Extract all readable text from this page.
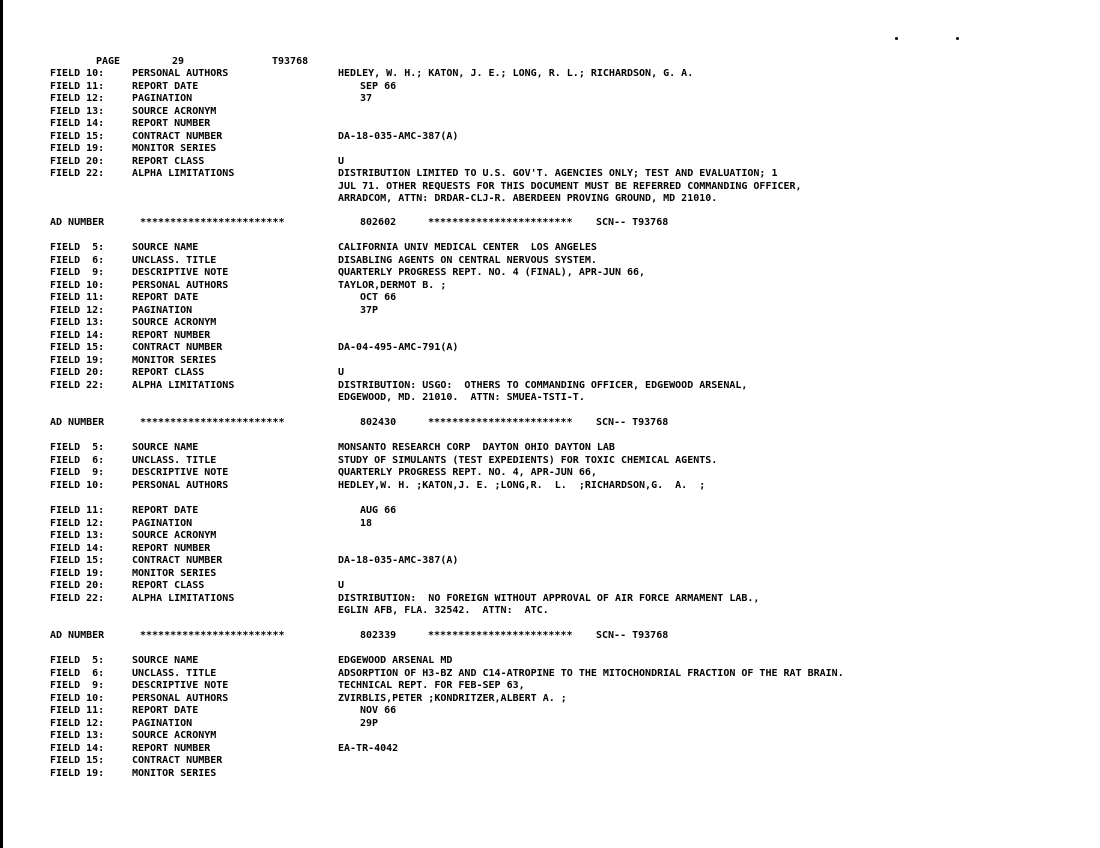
PAGE

	29

	T93768

FIELD 10:	PERSONAL AUTHORS	HEDLEY, W. H.; KATON, J. E.; LONG, R. L.; RICHARDSON, G. A.
FIELD 11:	REPORT DATE	SEP 66
FIELD 12:	PAGINATION	37
FIELD 13:	SOURCE ACRONYM
FIELD 14:	REPORT NUMBER
FIELD 15:	CONTRACT NUMBER	DA-18-035-AMC-387(A)
FIELD 19:	MONITOR SERIES
FIELD 20:	REPORT CLASS	U
FIELD 22:	ALPHA LIMITATIONS	DISTRIBUTION LIMITED TO U.S. GOV'T. AGENCIES ONLY; TEST AND EVALUATION; 1
JUL 71. OTHER REQUESTS FOR THIS DOCUMENT MUST BE REFERRED COMMANDING OFFICER,
ARRADCOM, ATTN: DRDAR-CLJ-R. ABERDEEN PROVING GROUND, MD 21010.
AD NUMBER	************************	802602	************************ SCN-- T93768
FIELD  5:	SOURCE NAME	CALIFORNIA UNIV MEDICAL CENTER  LOS ANGELES
FIELD  6:	UNCLASS. TITLE	DISABLING AGENTS ON CENTRAL NERVOUS SYSTEM.
FIELD  9:	DESCRIPTIVE NOTE	QUARTERLY PROGRESS REPT. NO. 4 (FINAL), APR-JUN 66,
FIELD 10:	PERSONAL AUTHORS	TAYLOR,DERMOT B. ;
FIELD 11:	REPORT DATE	OCT 66
FIELD 12:	PAGINATION	37P
FIELD 13:	SOURCE ACRONYM
FIELD 14:	REPORT NUMBER
FIELD 15:	CONTRACT NUMBER	DA-04-495-AMC-791(A)
FIELD 19:	MONITOR SERIES
FIELD 20:	REPORT CLASS	U
FIELD 22:	ALPHA LIMITATIONS	DISTRIBUTION: USGO:  OTHERS TO COMMANDING OFFICER, EDGEWOOD ARSENAL,
EDGEWOOD, MD. 21010.  ATTN: SMUEA-TSTI-T.
AD NUMBER	************************	802430	************************ SCN-- T93768
FIELD  5:	SOURCE NAME	MONSANTO RESEARCH CORP  DAYTON OHIO DAYTON LAB
FIELD  6:	UNCLASS. TITLE	STUDY OF SIMULANTS (TEST EXPEDIENTS) FOR TOXIC CHEMICAL AGENTS.
FIELD  9:	DESCRIPTIVE NOTE	QUARTERLY PROGRESS REPT. NO. 4, APR-JUN 66,
FIELD 10:	PERSONAL AUTHORS	HEDLEY,W. H. ;KATON,J. E. ;LONG,R.  L.  ;RICHARDSON,G.  A.  ;
FIELD 11:	REPORT DATE	AUG 66
FIELD 12:	PAGINATION	18
FIELD 13:	SOURCE ACRONYM
FIELD 14:	REPORT NUMBER
FIELD 15:	CONTRACT NUMBER	DA-18-035-AMC-387(A)
FIELD 19:	MONITOR SERIES
FIELD 20:	REPORT CLASS	U
FIELD 22:	ALPHA LIMITATIONS	DISTRIBUTION:  NO FOREIGN WITHOUT APPROVAL OF AIR FORCE ARMAMENT LAB.,
EGLIN AFB, FLA. 32542.  ATTN:  ATC.
AD NUMBER	************************	802339	************************ SCN-- T93768
FIELD  5:	SOURCE NAME	EDGEWOOD ARSENAL MD
FIELD  6:	UNCLASS. TITLE	ADSORPTION OF H3-BZ AND C14-ATROPINE TO THE MITOCHONDRIAL FRACTION OF THE RAT BRAIN.
FIELD  9:	DESCRIPTIVE NOTE	TECHNICAL REPT. FOR FEB-SEP 63,
FIELD 10:	PERSONAL AUTHORS	ZVIRBLIS,PETER ;KONDRITZER,ALBERT A. ;
FIELD 11:	REPORT DATE	NOV 66
FIELD 12:	PAGINATION	29P
FIELD 13:	SOURCE ACRONYM
FIELD 14:	REPORT NUMBER	EA-TR-4042
FIELD 15:	CONTRACT NUMBER
FIELD 19:	MONITOR SERIES
